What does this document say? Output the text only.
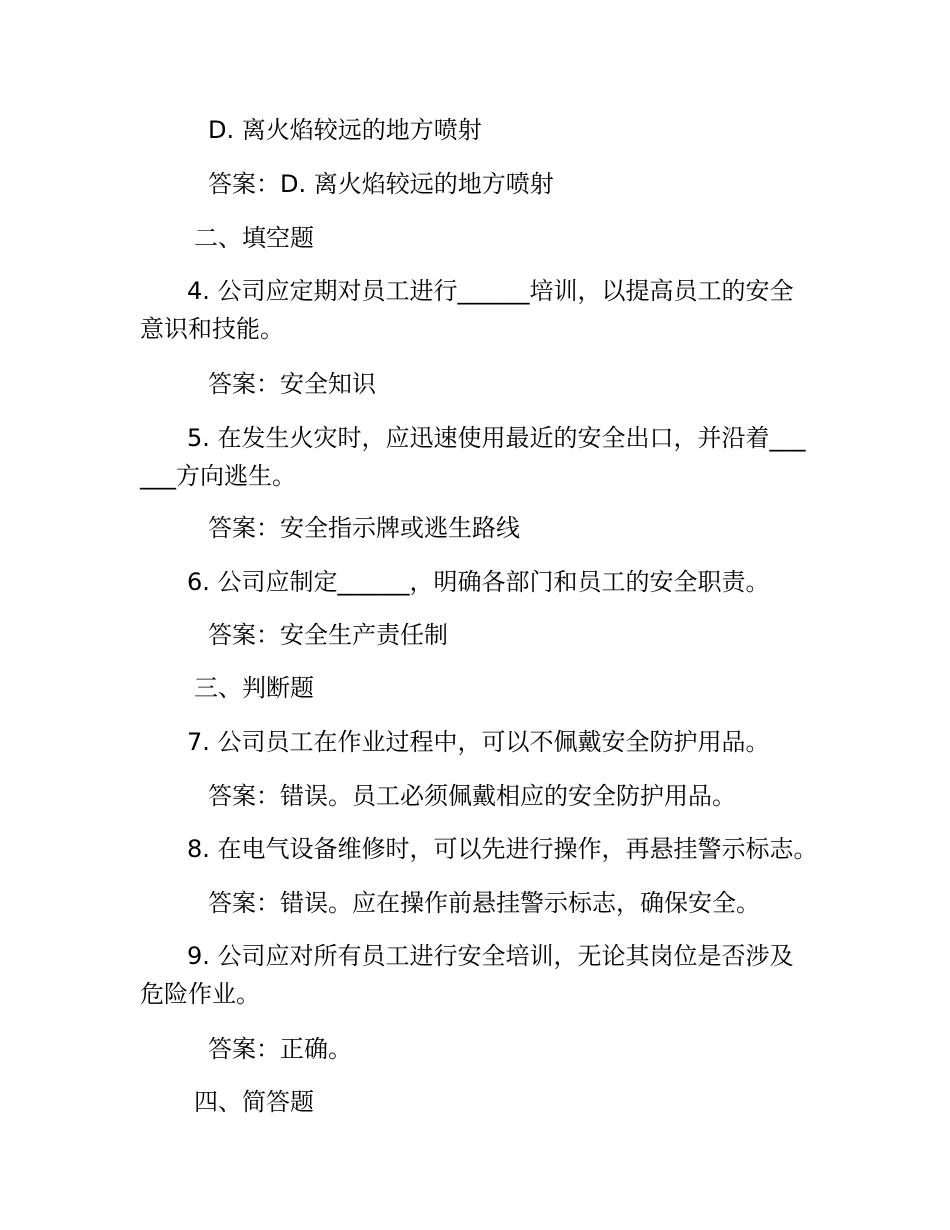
D. 离火焰较远的地方喷射
答案：D. 离火焰较远的地方喷射
二、填空题
4. 公司应定期对员工进行______培训，以提高员工的安全意识和技能。
答案：安全知识
5. 在发生火灾时，应迅速使用最近的安全出口，并沿着______方向逃生。
答案：安全指示牌或逃生路线
6. 公司应制定______，明确各部门和员工的安全职责。
答案：安全生产责任制
三、判断题
7. 公司员工在作业过程中，可以不佩戴安全防护用品。
答案：错误。员工必须佩戴相应的安全防护用品。
8. 在电气设备维修时，可以先进行操作，再悬挂警示标志。
答案：错误。应在操作前悬挂警示标志，确保安全。
9. 公司应对所有员工进行安全培训，无论其岗位是否涉及危险作业。
答案：正确。
四、简答题
